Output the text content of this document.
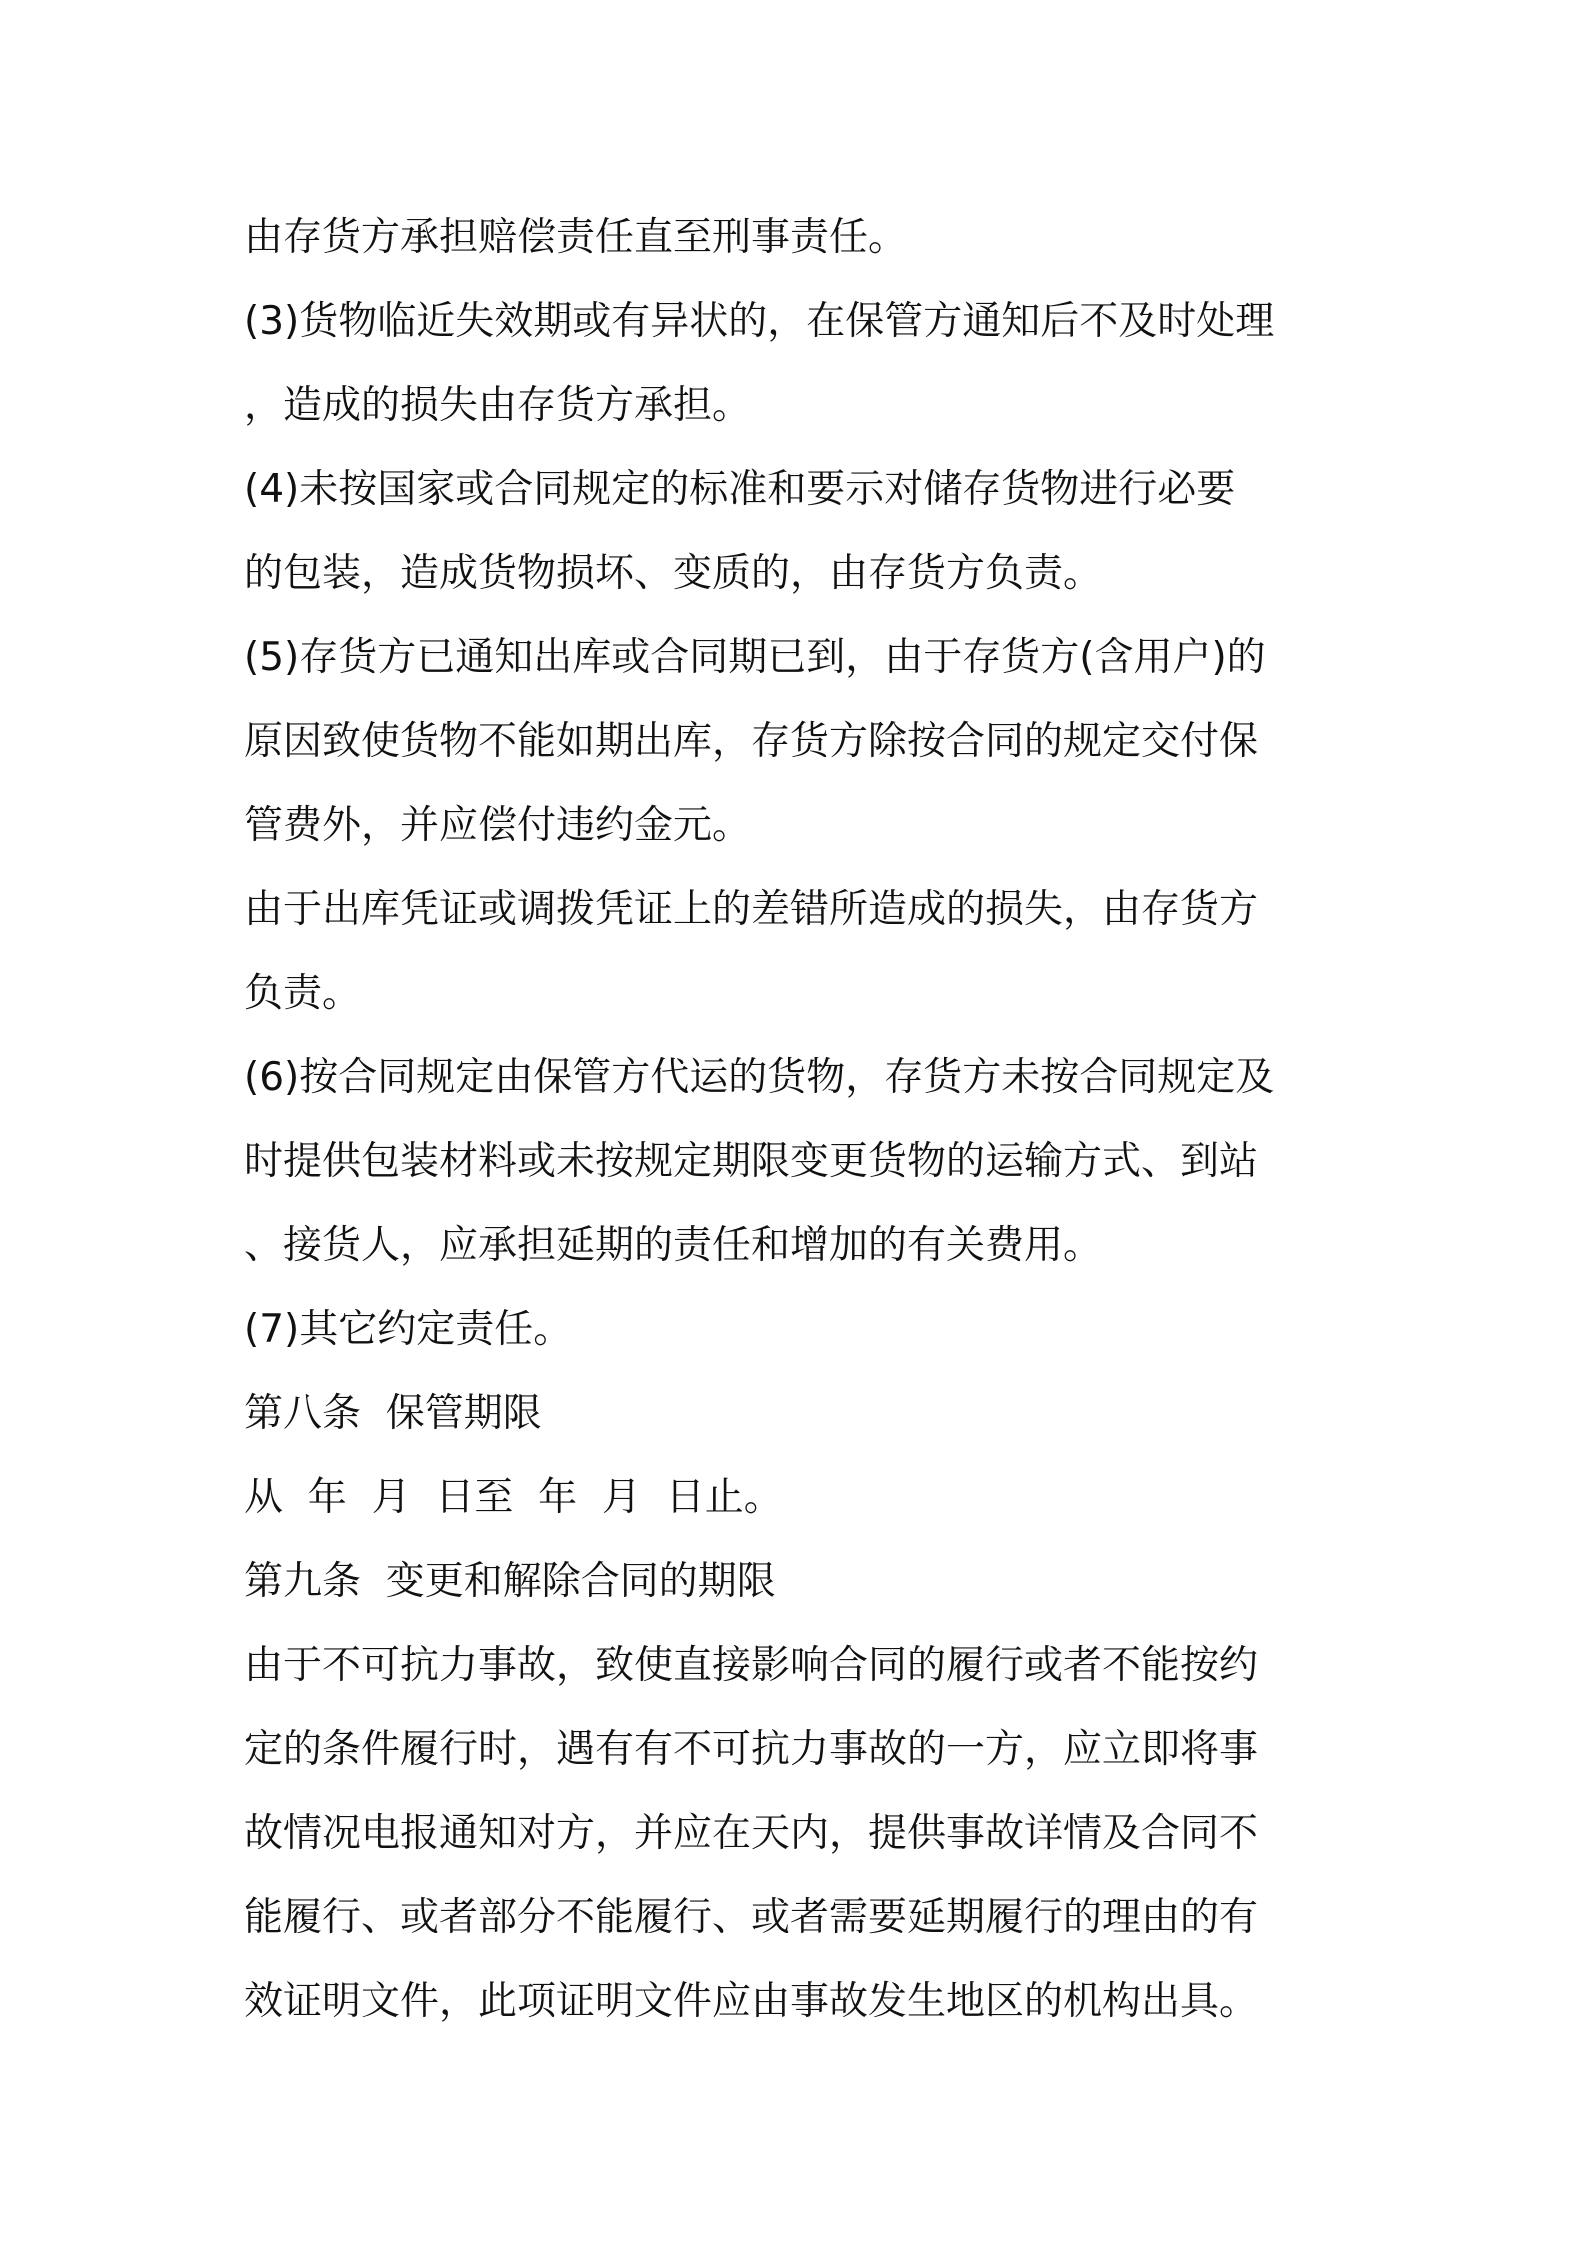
由存货方承担赔偿责任直至刑事责任。
(3)货物临近失效期或有异状的，在保管方通知后不及时处理
，造成的损失由存货方承担。
(4)未按国家或合同规定的标准和要示对储存货物进行必要
的包装，造成货物损坏、变质的，由存货方负责。
(5)存货方已通知出库或合同期已到，由于存货方(含用户)的
原因致使货物不能如期出库，存货方除按合同的规定交付保
管费外，并应偿付违约金元。
由于出库凭证或调拨凭证上的差错所造成的损失，由存货方
负责。
(6)按合同规定由保管方代运的货物，存货方未按合同规定及
时提供包装材料或未按规定期限变更货物的运输方式、到站
、接货人，应承担延期的责任和增加的有关费用。
(7)其它约定责任。
第八条  保管期限
从  年  月  日至  年  月  日止。
第九条  变更和解除合同的期限
由于不可抗力事故，致使直接影响合同的履行或者不能按约
定的条件履行时，遇有有不可抗力事故的一方，应立即将事
故情况电报通知对方，并应在天内，提供事故详情及合同不
能履行、或者部分不能履行、或者需要延期履行的理由的有
效证明文件，此项证明文件应由事故发生地区的机构出具。
